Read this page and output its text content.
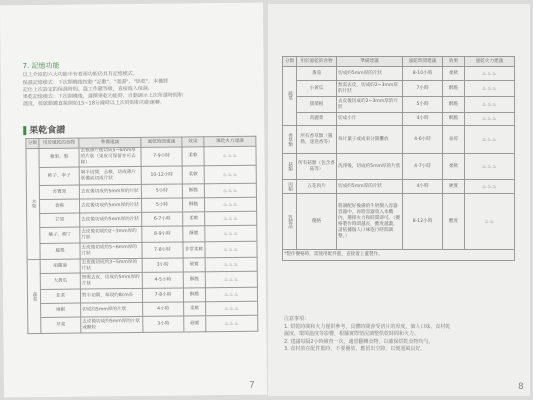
7. 記憶功能
以上介紹的六大功能中有着兩功能仍具有記憶模式。
保濕記憶模式：下次開機後按動 "記數"、"溫濕"、"烘乾"，本機將
記住上次設定的保濕時間、溫工作鍵等級，直接進入保濕。
果乾記憶模式：下次開機後，選擇果乾功能時，自動調示上次所選時間和
溫度，按啟動鍵直接開始15~18分鐘時以上次時間和功能運轉。
果乾食譜
分類	用於風乾的食物	準備建議	風乾時間建議	效果	風乾火力建議
水果	蘋果、梨	去核薄片後切成5~6mm厚的片狀（果皮可保留亦可去除）	7-9小時	柔軟	♨♨♨
	柿子、李子	剝半切開，去核，切成薄片狀備或切成片狀	10-12小時	柔軟	♨♨♨
	杏寶果	去皮後切成約5mm厚的片狀	5小時	酥脆	♨♨♨
	香蕉	去皮後切成約5mm厚的片狀	5小時	酥脆	♨♨♨
	芒果	去皮後切成約5mm厚的片狀	6-7小時	柔軟	♨♨♨
	橘子、柳丁	去皮後切成約2~3mm厚的片狀	8-9小時	酥脆	♨♨♨
	鳳梨	去皮後切成約5~6mm厚的片狀	7-8小時	非常柔軟	♨♨♨
蔬菜	胡蘿蔔	去皮後切成約3~5mm厚的片狀	3小時	硬實	♨♨♨
	大黃瓜	無需去皮，切成約5mm厚的片狀	4-5小時	酥脆	♨♨♨
	韭菜	對半切開，每段約8cm長	7-8小時	酥脆	♨♨♨
	辣椒	切成約5mm厚的片狀	4小時	柔軟	♨♨♨
	芹菜	去皮後切成約5mm厚的片狀或顆粒	3小時	硬實	♨♨♨
7
分類	用於風乾的食物	準備建議	風乾時間建議	效果	風乾火力建議
蔬菜	番茄	切成約5mm厚的片狀	8-10小時	柔軟	♨♨♨
	小黃瓜	無需去皮，切成約2~3mm厚的片狀	7小時	酥脆	♨♨♨
	甜菜根	去皮後切成約2~3mm厚的片狀	5小時	酥脆	♨♨♨
	高麗菜	切成小片	4小時	酥脆	♨♨♨
香草類	所有香草類（羅勒、迷迭香等）	每片葉子或成束分開攤放	4-6小時	易碎	♨♨♨
菇類	所有菇類（包含香菇等）	洗淨後，切成約5mm厚的片狀	4-7小時	柔軟	♨♨♨
肉類	五花肉片	切成約5mm厚的片狀	4小時	硬實	♨♨♨
乳製品	優格	將調配好後備的牛奶倒入容器容器中，再將容器放入本機內，選擇火力和時間即可。（優格製作時間越長，酸度越濃，請依據個人口味進行時間調整。）	8-12小時	酸度	♨♨
*製作優格時，需使用配件籃，直接置上蓋製作。					
注意事項：
1. 烘乾時間和火力僅供參考，具體時間會受切片的厚度、個人口味、食材乾
濕度，環境溫度等影響，根據實際情況調整烘乾時間和火力。
2. 建議每隔2小時檢查一次，適當翻轉食物，以確保烘乾食物均勻。
3. 食材放在配件籃時，不要疊放，應留出空隙，以便通風良好。
8
